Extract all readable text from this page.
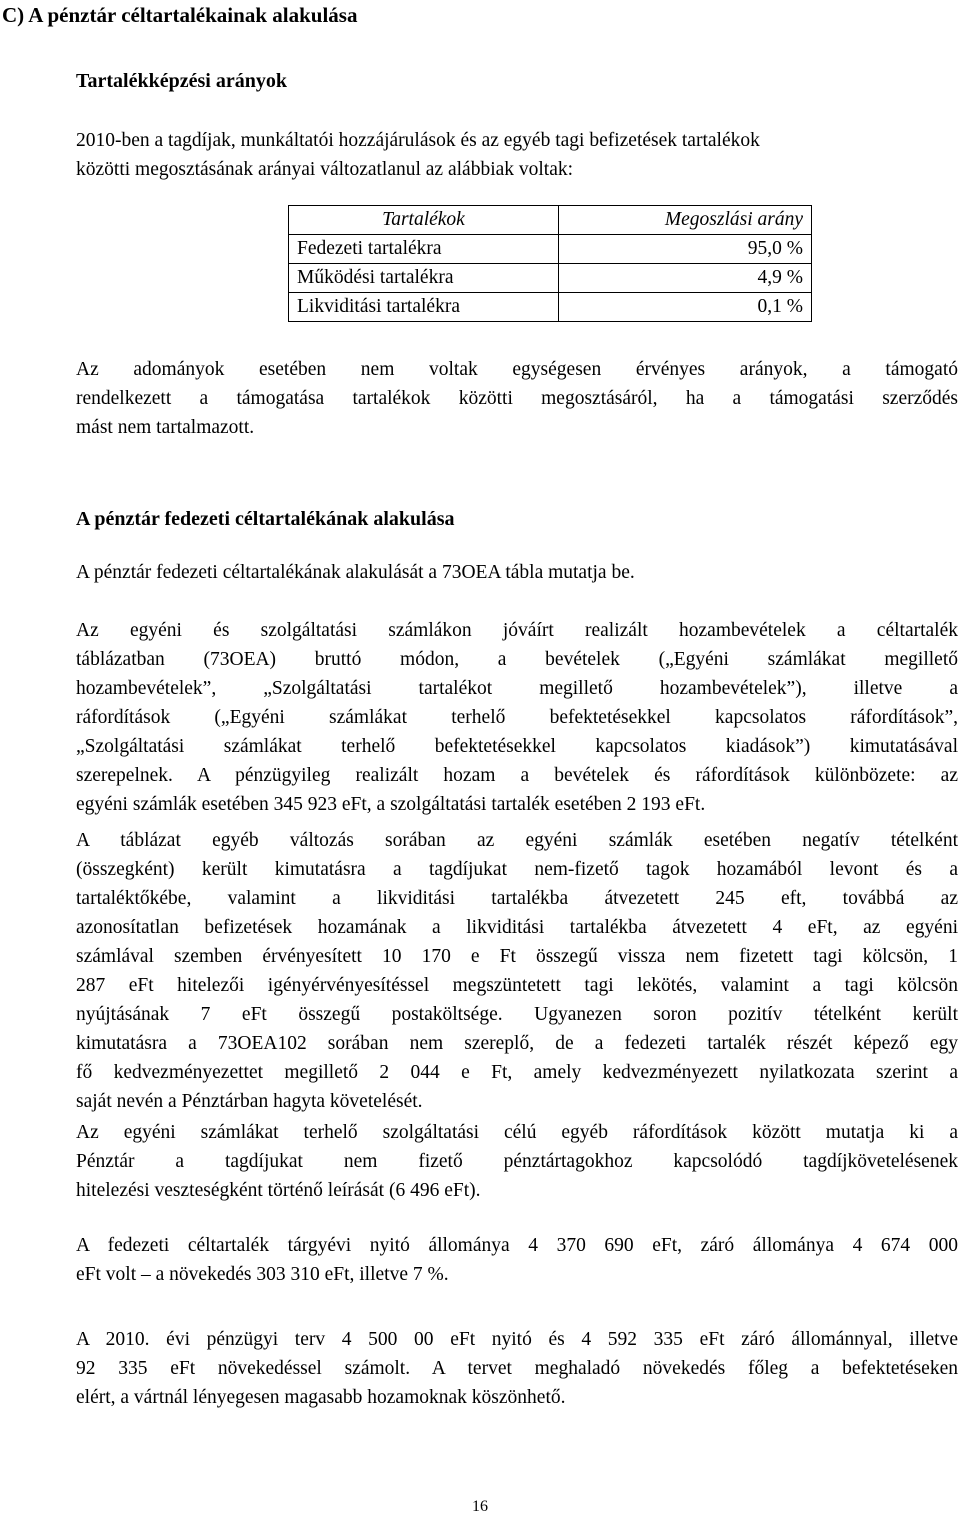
C) A pénztár céltartalékainak alakulása
Tartalékképzési arányok

2010-ben a tagdíjak, munkáltatói hozzájárulások és az egyéb tagi befizetések tartalékok
közötti megosztásának arányai változatlanul az alábbiak voltak:

Tartalékok	Megoszlási arány
Fedezeti tartalékra	95,0 %
Működési tartalékra	4,9 %
Likviditási tartalékra	0,1 %

Az adományok esetében nem voltak egységesen érvényes arányok, a támogató
rendelkezett a támogatása tartalékok közötti megosztásáról, ha a támogatási szerződés
mást nem tartalmazott.

A pénztár fedezeti céltartalékának alakulása

A pénztár fedezeti céltartalékának alakulását a 73OEA tábla mutatja be.

Az egyéni és szolgáltatási számlákon jóváírt realizált hozambevételek a céltartalék
táblázatban (73OEA) bruttó módon, a bevételek („Egyéni számlákat megillető
hozambevételek”, „Szolgáltatási tartalékot megillető hozambevételek”), illetve a
ráfordítások („Egyéni számlákat terhelő befektetésekkel kapcsolatos ráfordítások”,
„Szolgáltatási számlákat terhelő befektetésekkel kapcsolatos kiadások”) kimutatásával
szerepelnek. A pénzügyileg realizált hozam a bevételek és ráfordítások különbözete: az
egyéni számlák esetében 345 923 eFt, a szolgáltatási tartalék esetében 2 193 eFt.

A táblázat egyéb változás sorában az egyéni számlák esetében negatív tételként
(összegként) került kimutatásra a tagdíjukat nem-fizető tagok hozamából levont és a
tartaléktőkébe, valamint a likviditási tartalékba átvezetett 245 eft, továbbá az
azonosítatlan befizetések hozamának a likviditási tartalékba átvezetett 4 eFt, az egyéni
számlával szemben érvényesített 10 170 e Ft összegű vissza nem fizetett tagi kölcsön, 1
287 eFt hitelezői igényérvényesítéssel megszüntetett tagi lekötés, valamint a tagi kölcsön
nyújtásának 7 eFt összegű postaköltsége. Ugyanezen soron pozitív tételként került
kimutatásra a 73OEA102 sorában nem szereplő, de a fedezeti tartalék részét képező egy
fő kedvezményezettet megillető 2 044 e Ft, amely kedvezményezett nyilatkozata szerint a
saját nevén a Pénztárban hagyta követelését.

Az egyéni számlákat terhelő szolgáltatási célú egyéb ráfordítások között mutatja ki a
Pénztár a tagdíjukat nem fizető pénztártagokhoz kapcsolódó tagdíjkövetelésenek
hitelezési veszteségként történő leírását (6 496 eFt).

A fedezeti céltartalék tárgyévi nyitó állománya 4 370 690 eFt, záró állománya 4 674 000
eFt volt – a növekedés 303 310 eFt, illetve 7 %.

A 2010. évi pénzügyi terv 4 500 00 eFt nyitó és 4 592 335 eFt záró állománnyal, illetve
92 335 eFt növekedéssel számolt. A tervet meghaladó növekedés főleg a befektetéseken
elért, a vártnál lényegesen magasabb hozamoknak köszönhető.

16
